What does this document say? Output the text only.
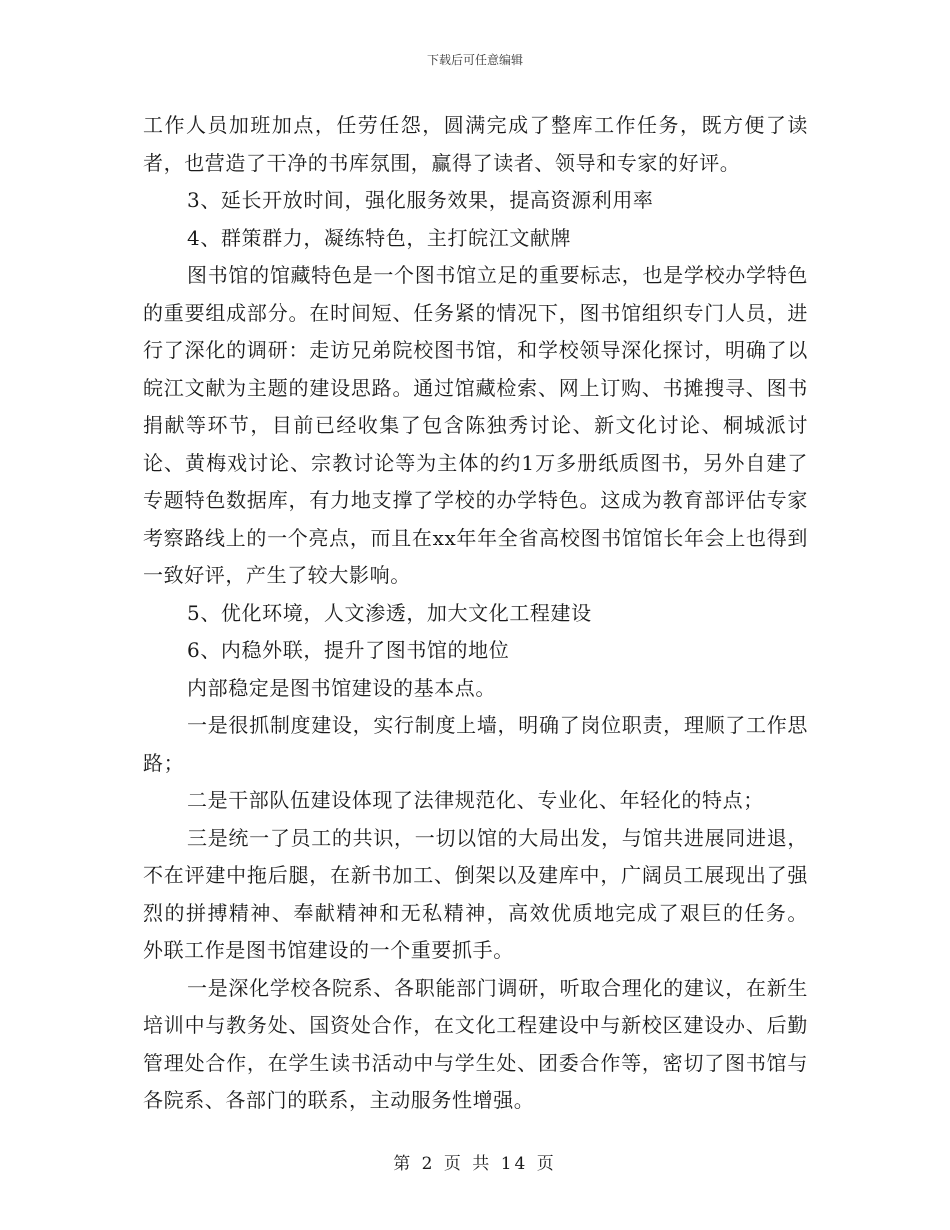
下载后可任意编辑

工作人员加班加点，任劳任怨，圆满完成了整库工作任务，既方便了读者，也营造了干净的书库氛围，赢得了读者、领导和专家的好评。

3、延长开放时间，强化服务效果，提高资源利用率

4、群策群力，凝练特色，主打皖江文献牌

图书馆的馆藏特色是一个图书馆立足的重要标志，也是学校办学特色的重要组成部分。在时间短、任务紧的情况下，图书馆组织专门人员，进行了深化的调研：走访兄弟院校图书馆，和学校领导深化探讨，明确了以皖江文献为主题的建设思路。通过馆藏检索、网上订购、书摊搜寻、图书捐献等环节，目前已经收集了包含陈独秀讨论、新文化讨论、桐城派讨论、黄梅戏讨论、宗教讨论等为主体的约1万多册纸质图书，另外自建了专题特色数据库，有力地支撑了学校的办学特色。这成为教育部评估专家考察路线上的一个亮点，而且在xx年年全省高校图书馆馆长年会上也得到一致好评，产生了较大影响。

5、优化环境，人文渗透，加大文化工程建设

6、内稳外联，提升了图书馆的地位

内部稳定是图书馆建设的基本点。

一是很抓制度建设，实行制度上墙，明确了岗位职责，理顺了工作思路；

二是干部队伍建设体现了法律规范化、专业化、年轻化的特点；

三是统一了员工的共识，一切以馆的大局出发，与馆共进展同进退，不在评建中拖后腿，在新书加工、倒架以及建库中，广阔员工展现出了强烈的拼搏精神、奉献精神和无私精神，高效优质地完成了艰巨的任务。 外联工作是图书馆建设的一个重要抓手。

一是深化学校各院系、各职能部门调研，听取合理化的建议，在新生培训中与教务处、国资处合作，在文化工程建设中与新校区建设办、后勤管理处合作，在学生读书活动中与学生处、团委合作等，密切了图书馆与各院系、各部门的联系，主动服务性增强。

第 2 页 共 14 页
